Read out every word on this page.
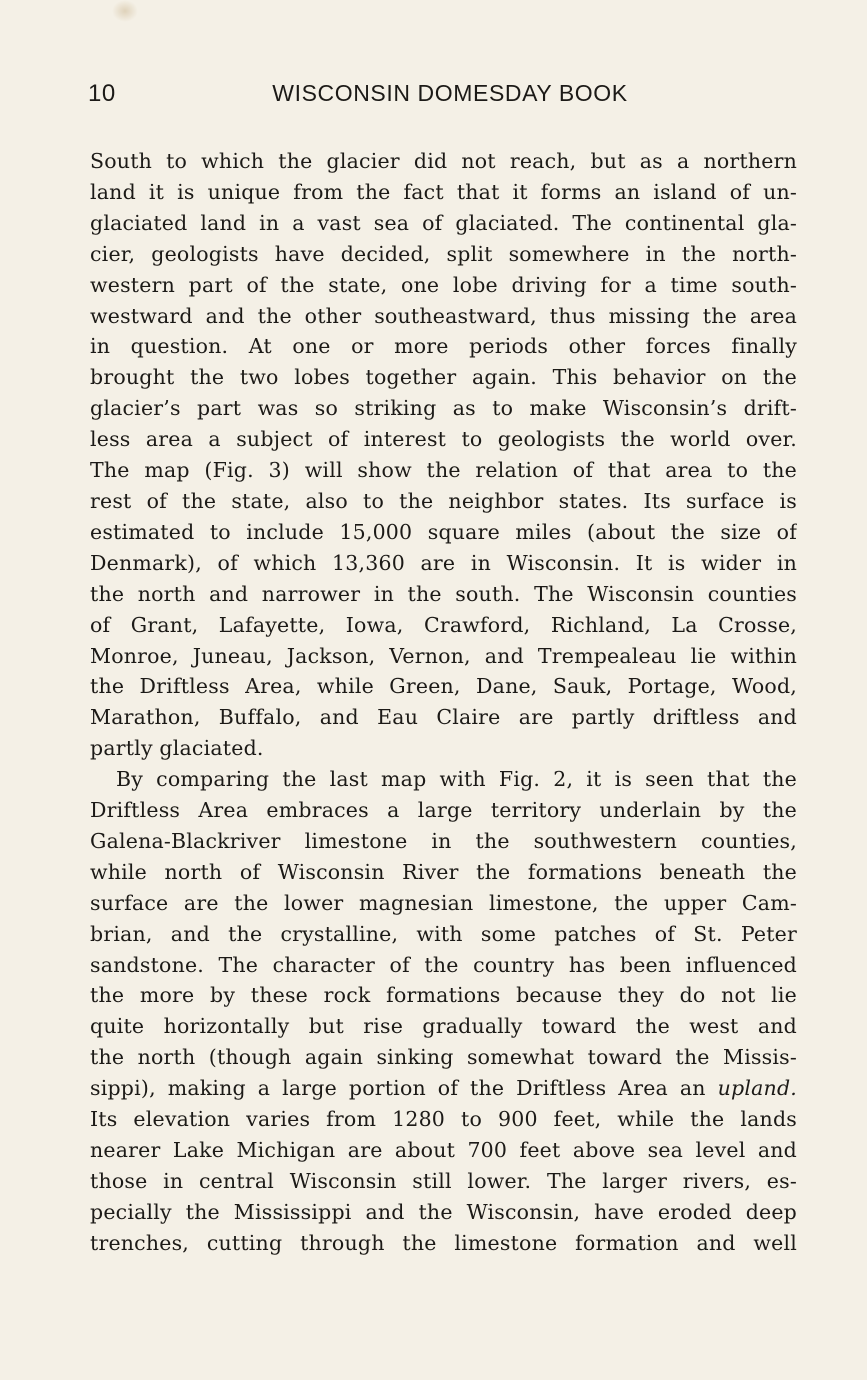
10	WISCONSIN DOMESDAY BOOK
South to which the glacier did not reach, but as a northern
land it is unique from the fact that it forms an island of un-
glaciated land in a vast sea of glaciated. The continental gla-
cier, geologists have decided, split somewhere in the north-
western part of the state, one lobe driving for a time south-
westward and the other southeastward, thus missing the area
in question. At one or more periods other forces finally
brought the two lobes together again. This behavior on the
glacier’s part was so striking as to make Wisconsin’s drift-
less area a subject of interest to geologists the world over.
The map (Fig. 3) will show the relation of that area to the
rest of the state, also to the neighbor states. Its surface is
estimated to include 15,000 square miles (about the size of
Denmark), of which 13,360 are in Wisconsin. It is wider in
the north and narrower in the south. The Wisconsin counties
of Grant, Lafayette, Iowa, Crawford, Richland, La Crosse,
Monroe, Juneau, Jackson, Vernon, and Trempealeau lie within
the Driftless Area, while Green, Dane, Sauk, Portage, Wood,
Marathon, Buffalo, and Eau Claire are partly driftless and
partly glaciated.
By comparing the last map with Fig. 2, it is seen that the
Driftless Area embraces a large territory underlain by the
Galena-Blackriver limestone in the southwestern counties,
while north of Wisconsin River the formations beneath the
surface are the lower magnesian limestone, the upper Cam-
brian, and the crystalline, with some patches of St. Peter
sandstone. The character of the country has been influenced
the more by these rock formations because they do not lie
quite horizontally but rise gradually toward the west and
the north (though again sinking somewhat toward the Missis-
sippi), making a large portion of the Driftless Area an upland.
Its elevation varies from 1280 to 900 feet, while the lands
nearer Lake Michigan are about 700 feet above sea level and
those in central Wisconsin still lower. The larger rivers, es-
pecially the Mississippi and the Wisconsin, have eroded deep
trenches, cutting through the limestone formation and well
